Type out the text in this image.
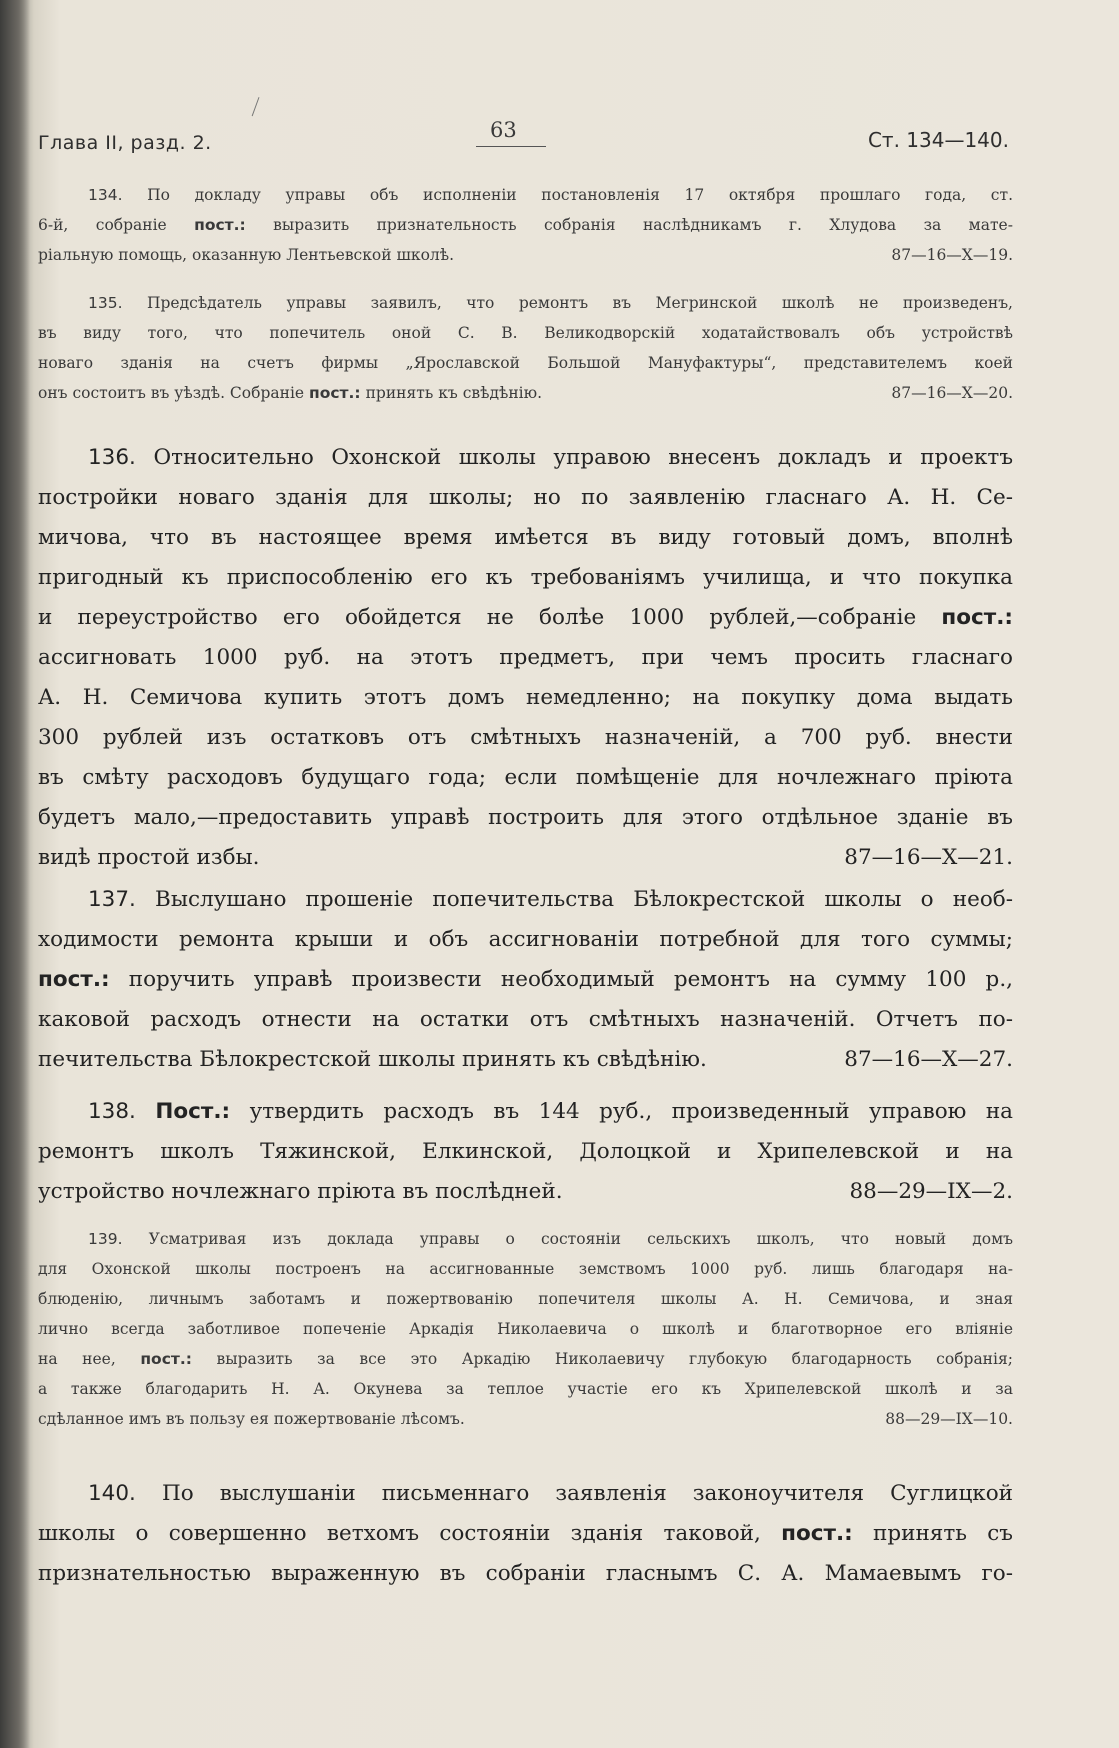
Глава II, разд. 2.
63	Ст. 134—140.
134. По докладу управы объ исполненіи постановленія 17 октября прошлаго года, ст.
6-й, собраніе пост.: выразить признательность собранія наслѣдникамъ г. Хлудова за мате-
ріальную помощь, оказанную Лентьевской школѣ.	87—16—X—19.
135. Предсѣдатель управы заявилъ, что ремонтъ въ Мегринской школѣ не произведенъ,
въ виду того, что попечитель оной С. В. Великодворскій ходатайствовалъ объ устройствѣ
новаго зданія на счетъ фирмы „Ярославской Большой Мануфактуры“, представителемъ коей
онъ состоитъ въ уѣздѣ. Собраніе пост.: принять къ свѣдѣнію.	87—16—X—20.
136. Относительно Охонской школы управою внесенъ докладъ и проектъ
постройки новаго зданія для школы; но по заявленію гласнаго А. Н. Се-
мичова, что въ настоящее время имѣется въ виду готовый домъ, вполнѣ
пригодный къ приспособленію его къ требованіямъ училища, и что покупка
и переустройство его обойдется не болѣе 1000 рублей,—собраніе пост.:
ассигновать 1000 руб. на этотъ предметъ, при чемъ просить гласнаго
А. Н. Семичова купить этотъ домъ немедленно; на покупку дома выдать
300 рублей изъ остатковъ отъ смѣтныхъ назначеній, а 700 руб. внести
въ смѣту расходовъ будущаго года; если помѣщеніе для ночлежнаго пріюта
будетъ мало,—предоставить управѣ построить для этого отдѣльное зданіе въ
видѣ простой избы.	87—16—X—21.
137. Выслушано прошеніе попечительства Бѣлокрестской школы о необ-
ходимости ремонта крыши и объ ассигнованіи потребной для того суммы;
пост.: поручить управѣ произвести необходимый ремонтъ на сумму 100 р.,
каковой расходъ отнести на остатки отъ смѣтныхъ назначеній. Отчетъ по-
печительства Бѣлокрестской школы принять къ свѣдѣнію.	87—16—X—27.
138. Пост.: утвердить расходъ въ 144 руб., произведенный управою на
ремонтъ школъ Тяжинской, Елкинской, Долоцкой и Хрипелевской и на
устройство ночлежнаго пріюта въ послѣдней.	88—29—IX—2.
139. Усматривая изъ доклада управы о состояніи сельскихъ школъ, что новый домъ
для Охонской школы построенъ на ассигнованные земствомъ 1000 руб. лишь благодаря на-
блюденію, личнымъ заботамъ и пожертвованію попечителя школы А. Н. Семичова, и зная
лично всегда заботливое попеченіе Аркадія Николаевича о школѣ и благотворное его вліяніе
на нее, пост.: выразить за все это Аркадію Николаевичу глубокую благодарность собранія;
а также благодарить Н. А. Окунева за теплое участіе его къ Хрипелевской школѣ и за
сдѣланное имъ въ пользу ея пожертвованіе лѣсомъ.	88—29—IX—10.
140. По выслушаніи письменнаго заявленія законоучителя Суглицкой
школы о совершенно ветхомъ состояніи зданія таковой, пост.: принять съ
признательностью выраженную въ собраніи гласнымъ С. А. Мамаевымъ го-
